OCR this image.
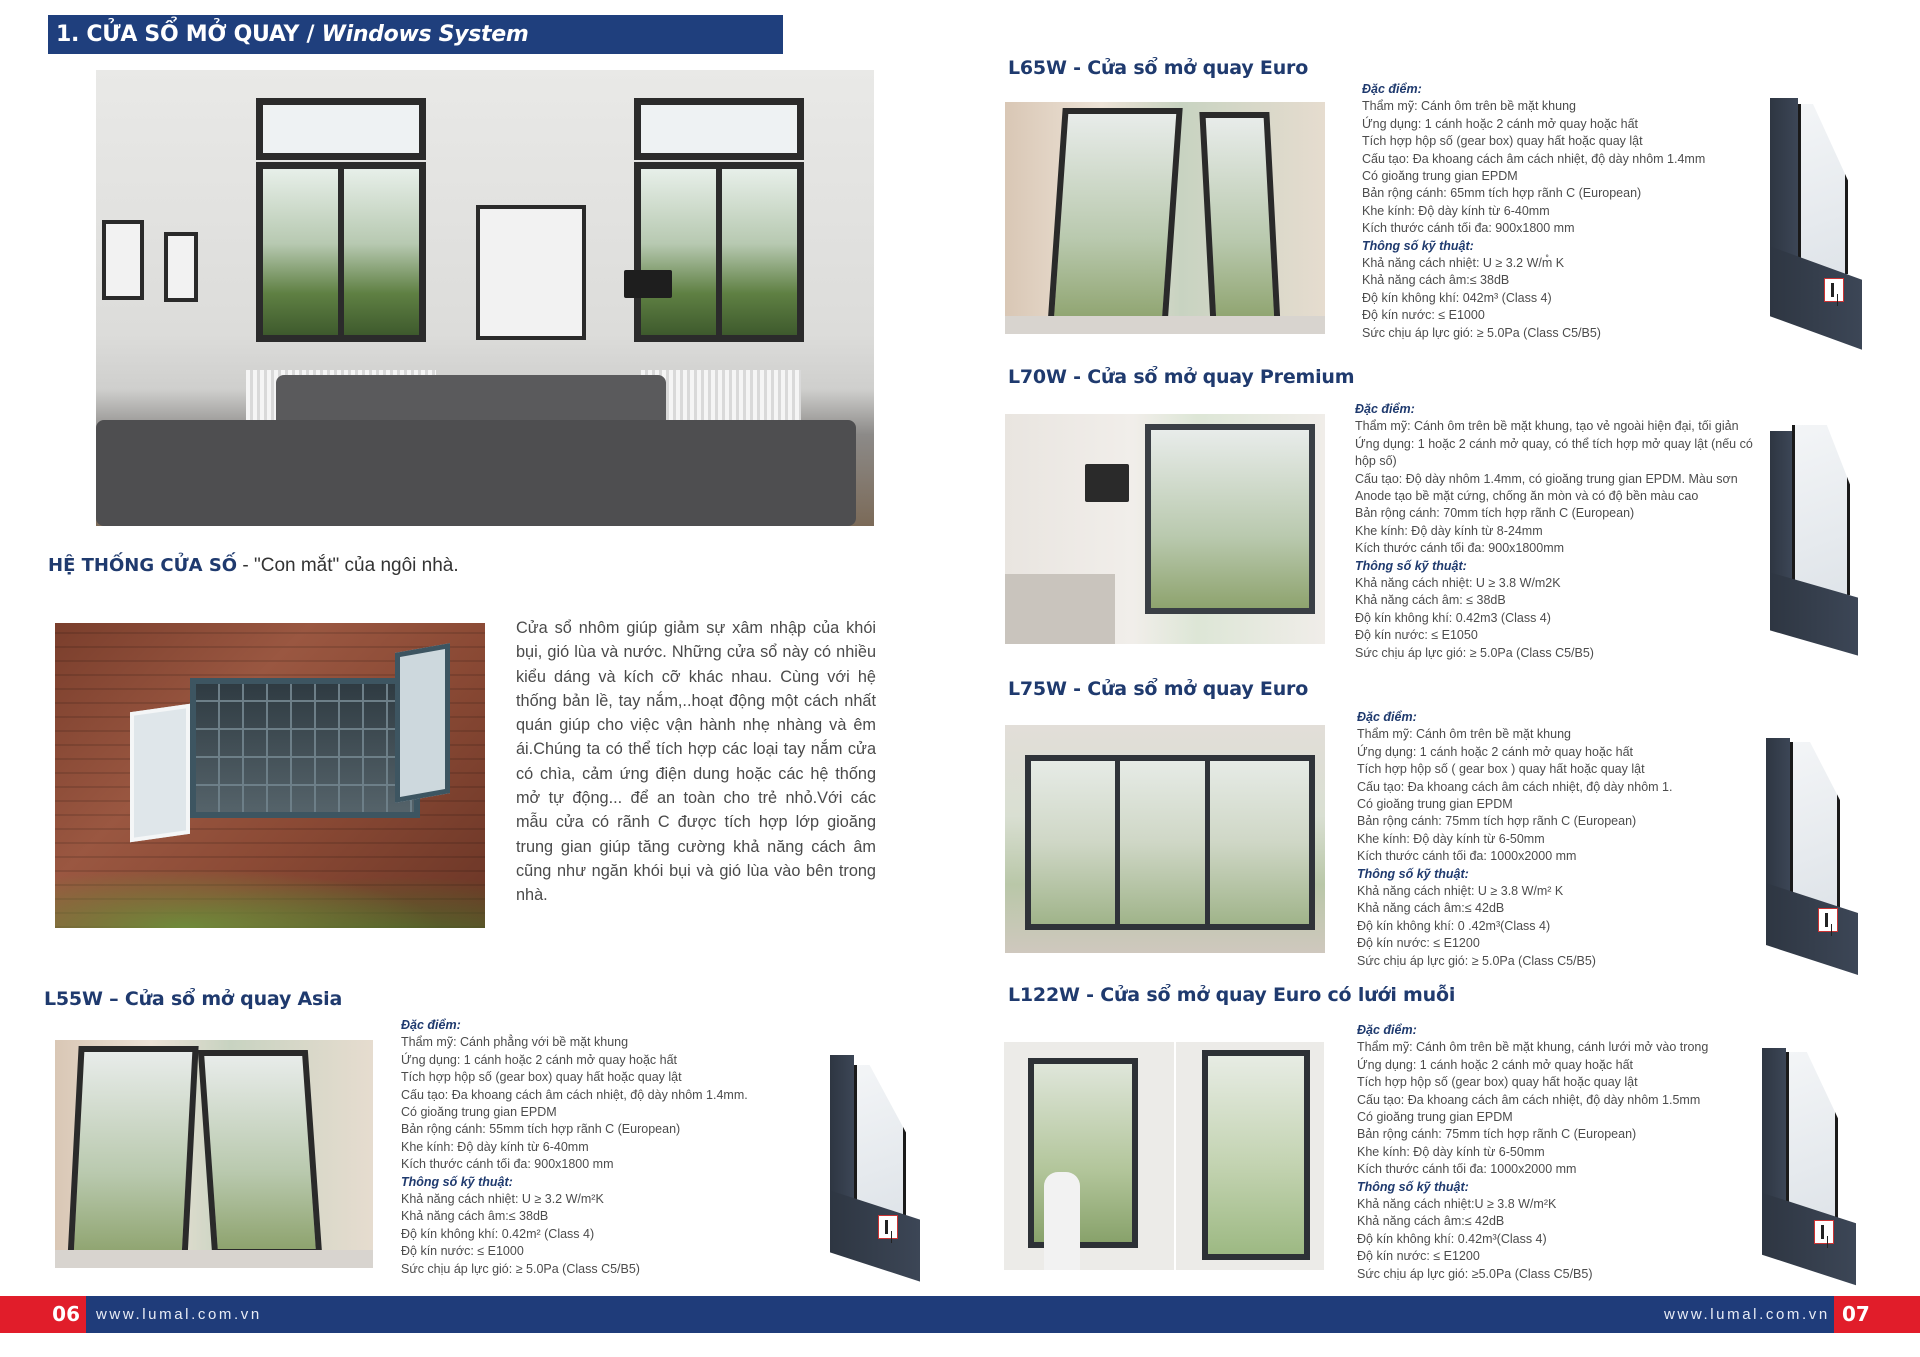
1. CỬA SỔ MỞ QUAY / Windows System
HỆ THỐNG CỬA SỐ - "Con mắt" của ngôi nhà.
Cửa sổ nhôm giúp giảm sự xâm nhập của khói bụi, gió lùa và nước. Những cửa sổ này có nhiều kiểu dáng và kích cỡ khác nhau. Cùng với hệ thống bản lề, tay nắm,..hoạt động một cách nhất quán giúp cho việc vận hành nhẹ nhàng và êm ái.Chúng ta có thể tích hợp các loại tay nắm cửa có chìa, cảm ứng điện dung hoặc các hệ thống mở tự động... để an toàn cho trẻ nhỏ.Với các mẫu cửa có rãnh C được tích hợp lớp gioăng trung gian giúp tăng cường khả năng cách âm cũng như ngăn khói bụi và gió lùa vào bên trong nhà.
L55W – Cửa sổ mở quay Asia
Đặc điểm:
Thẩm mỹ: Cánh phẳng với bề mặt khung
Ứng dụng: 1 cánh hoặc 2 cánh mở quay hoặc hất
Tích hợp hộp số (gear box) quay hất hoặc quay lật
Cấu tạo: Đa khoang cách âm cách nhiệt, độ dày nhôm 1.4mm.
Có gioăng trung gian EPDM
Bản rộng cánh: 55mm tích hợp rãnh C (European)
Khe kính: Độ dày kính từ 6-40mm
Kích thước cánh tối đa: 900x1800 mm
Thông số kỹ thuật:
Khả năng cách nhiệt: U ≥ 3.2 W/m²K
Khả năng cách âm:≤ 38dB
Độ kín không khí: 0.42m² (Class 4)
Độ kín nước: ≤ E1000
Sức chịu áp lực gió: ≥ 5.0Pa (Class C5/B5)
L65W - Cửa sổ mở quay Euro
Đặc điểm:
Thẩm mỹ: Cánh ôm trên bề mặt khung
Ứng dụng: 1 cánh hoặc 2 cánh mở quay hoặc hất
Tích hợp hộp số (gear box) quay hất hoặc quay lật
Cấu tạo: Đa khoang cách âm cách nhiệt, độ dày nhôm 1.4mm
Có gioăng trung gian EPDM
Bản rộng cánh: 65mm tích hợp rãnh C (European)
Khe kính: Độ dày kính từ 6-40mm
Kích thước cánh tối đa: 900x1800 mm
Thông số kỹ thuật:
Khả năng cách nhiệt: U ≥ 3.2 W/m̊ K
Khả năng cách âm:≤ 38dB
Độ kín không khí: 042m³ (Class 4)
Độ kín nước: ≤ E1000
Sức chịu áp lực gió: ≥ 5.0Pa (Class C5/B5)
L70W - Cửa sổ mở quay Premium
Đặc điểm:
Thẩm mỹ: Cánh ôm trên bề mặt khung, tạo vẻ ngoài hiện đại, tối giản
Ứng dụng: 1 hoặc 2 cánh mở quay, có thể tích hợp mở quay lật (nếu có hộp số)
Cấu tạo: Độ dày nhôm 1.4mm, có gioăng trung gian EPDM. Màu sơn Anode tạo bề mặt cứng, chống ăn mòn và có độ bền màu cao
Bản rộng cánh: 70mm tích hợp rãnh C (European)
Khe kính: Độ dày kính từ 8-24mm
Kích thước cánh tối đa: 900x1800mm
Thông số kỹ thuật:
Khả năng cách nhiệt: U ≥ 3.8 W/m2K
Khả năng cách âm: ≤ 38dB
Độ kín không khí: 0.42m3 (Class 4)
Độ kín nước: ≤ E1050
Sức chịu áp lực gió: ≥ 5.0Pa (Class C5/B5)
L75W - Cửa sổ mở quay Euro
Đặc điểm:
Thẩm mỹ: Cánh ôm trên bề mặt khung
Ứng dụng: 1 cánh hoặc 2 cánh mở quay hoặc hất
Tích hợp hộp số ( gear box ) quay hất hoặc quay lật
Cấu tạo: Đa khoang cách âm cách nhiệt, độ dày nhôm 1.
Có gioăng trung gian EPDM
Bản rộng cánh: 75mm tích hợp rãnh C (European)
Khe kính: Độ dày kính từ 6-50mm
Kích thước cánh tối đa: 1000x2000 mm
Thông số kỹ thuật:
Khả năng cách nhiệt: U ≥ 3.8 W/m² K
Khả năng cách âm:≤ 42dB
Độ kín không khí: 0 .42m³(Class 4)
Độ kín nước: ≤ E1200
Sức chịu áp lực gió: ≥ 5.0Pa (Class C5/B5)
L122W - Cửa sổ mở quay Euro có lưới muỗi
Đặc điểm:
Thẩm mỹ: Cánh ôm trên bề mặt khung, cánh lưới mở vào trong
Ứng dụng: 1 cánh hoặc 2 cánh mở quay hoặc hất
Tích hợp hộp số (gear box) quay hất hoặc quay lật
Cấu tạo: Đa khoang cách âm cách nhiệt, độ dày nhôm 1.5mm
Có gioăng trung gian EPDM
Bản rộng cánh: 75mm tích hợp rãnh C (European)
Khe kính: Độ dày kính từ 6-50mm
Kích thước cánh tối đa: 1000x2000 mm
Thông số kỹ thuật:
Khả năng cách nhiệt:U ≥ 3.8 W/m²K
Khả năng cách âm:≤ 42dB
Độ kín không khí: 0.42m³(Class 4)
Độ kín nước: ≤ E1200
Sức chịu áp lực gió: ≥5.0Pa (Class C5/B5)
06	www.lumal.com.vn	www.lumal.com.vn 07
